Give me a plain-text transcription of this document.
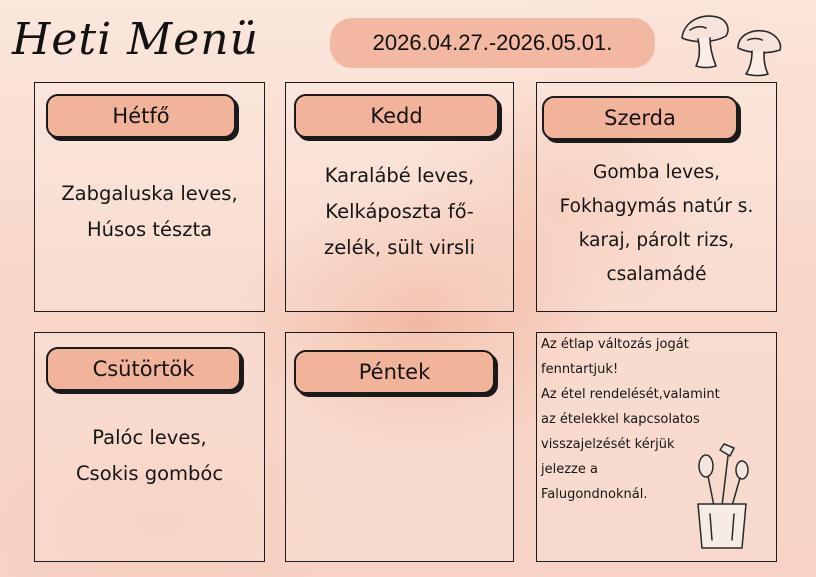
Heti Menü	2026.04.27.-2026.05.01.
Hétfő
Zabgaluska leves,
Húsos tészta
Kedd
Karalábé leves,
Kelkáposzta fő-
zelék, sült virsli
Szerda
Gomba leves,
Fokhagymás natúr s.
karaj, párolt rizs,
csalamádé
Csütörtök
Palóc leves,
Csokis gombóc
Péntek
Az étlap változás jogát
fenntartjuk!
Az étel rendelését,valamint
az ételekkel kapcsolatos
visszajelzését kérjük
jelezze a
Falugondnoknál.
